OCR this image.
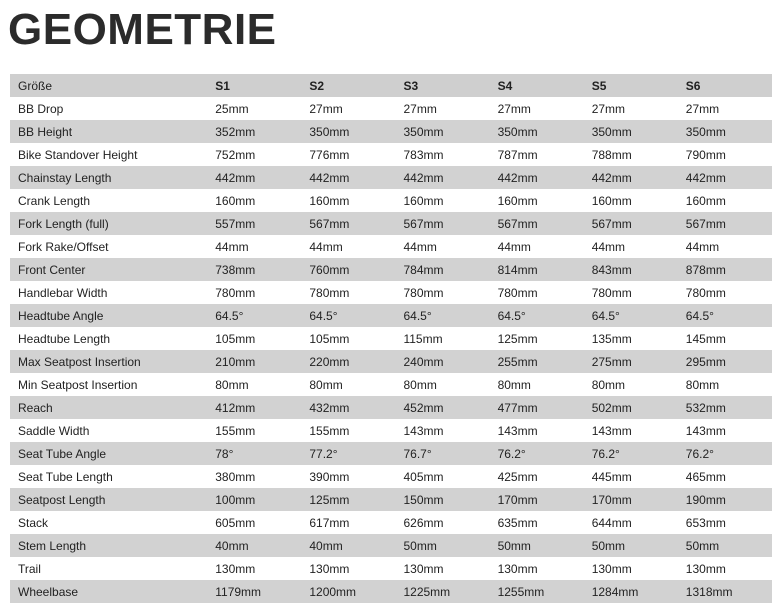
GEOMETRIE
Größe	S1	S2	S3	S4	S5	S6
BB Drop	25mm	27mm	27mm	27mm	27mm	27mm
BB Height	352mm	350mm	350mm	350mm	350mm	350mm
Bike Standover Height	752mm	776mm	783mm	787mm	788mm	790mm
Chainstay Length	442mm	442mm	442mm	442mm	442mm	442mm
Crank Length	160mm	160mm	160mm	160mm	160mm	160mm
Fork Length (full)	557mm	567mm	567mm	567mm	567mm	567mm
Fork Rake/Offset	44mm	44mm	44mm	44mm	44mm	44mm
Front Center	738mm	760mm	784mm	814mm	843mm	878mm
Handlebar Width	780mm	780mm	780mm	780mm	780mm	780mm
Headtube Angle	64.5°	64.5°	64.5°	64.5°	64.5°	64.5°
Headtube Length	105mm	105mm	115mm	125mm	135mm	145mm
Max Seatpost Insertion	210mm	220mm	240mm	255mm	275mm	295mm
Min Seatpost Insertion	80mm	80mm	80mm	80mm	80mm	80mm
Reach	412mm	432mm	452mm	477mm	502mm	532mm
Saddle Width	155mm	155mm	143mm	143mm	143mm	143mm
Seat Tube Angle	78°	77.2°	76.7°	76.2°	76.2°	76.2°
Seat Tube Length	380mm	390mm	405mm	425mm	445mm	465mm
Seatpost Length	100mm	125mm	150mm	170mm	170mm	190mm
Stack	605mm	617mm	626mm	635mm	644mm	653mm
Stem Length	40mm	40mm	50mm	50mm	50mm	50mm
Trail	130mm	130mm	130mm	130mm	130mm	130mm
Wheelbase	1179mm	1200mm	1225mm	1255mm	1284mm	1318mm
